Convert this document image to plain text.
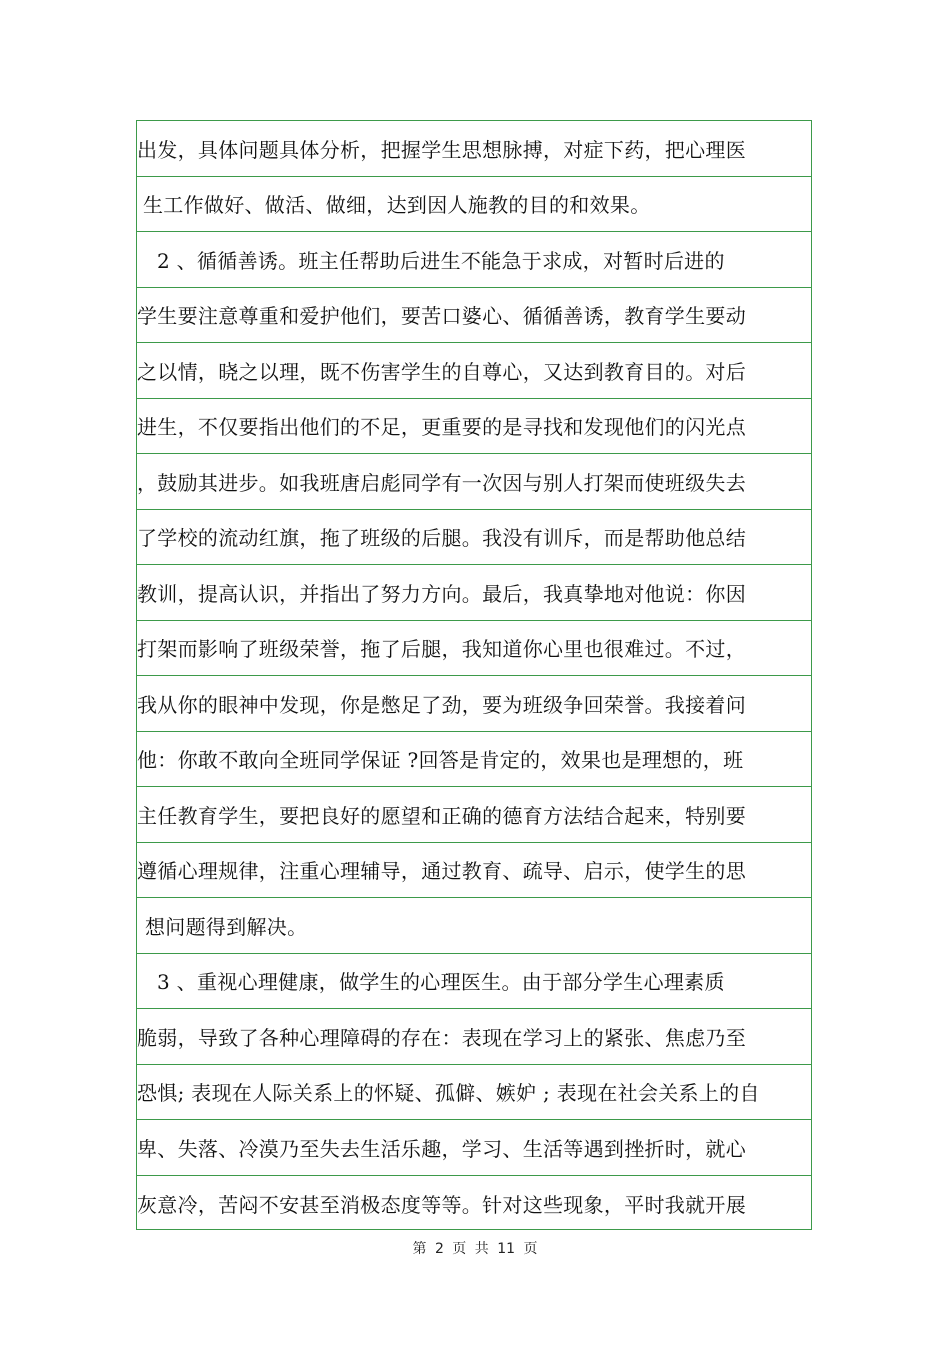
出发，具体问题具体分析，把握学生思想脉搏，对症下药，把心理医
生工作做好、做活、做细，达到因人施教的目的和效果。
2 、循循善诱。班主任帮助后进生不能急于求成，对暂时后进的
学生要注意尊重和爱护他们，要苦口婆心、循循善诱，教育学生要动
之以情，晓之以理，既不伤害学生的自尊心，又达到教育目的。对后
进生，不仅要指出他们的不足，更重要的是寻找和发现他们的闪光点
，鼓励其进步。如我班唐启彪同学有一次因与别人打架而使班级失去
了学校的流动红旗，拖了班级的后腿。我没有训斥，而是帮助他总结
教训，提高认识，并指出了努力方向。最后，我真挚地对他说：你因
打架而影响了班级荣誉，拖了后腿，我知道你心里也很难过。不过，
我从你的眼神中发现，你是憋足了劲，要为班级争回荣誉。我接着问
他：你敢不敢向全班同学保证 ?回答是肯定的，效果也是理想的，班
主任教育学生，要把良好的愿望和正确的德育方法结合起来，特别要
遵循心理规律，注重心理辅导，通过教育、疏导、启示，使学生的思
想问题得到解决。
3 、重视心理健康，做学生的心理医生。由于部分学生心理素质
脆弱，导致了各种心理障碍的存在：表现在学习上的紧张、焦虑乃至
恐惧; 表现在人际关系上的怀疑、孤僻、嫉妒 ; 表现在社会关系上的自
卑、失落、冷漠乃至失去生活乐趣，学习、生活等遇到挫折时，就心
灰意冷，苦闷不安甚至消极态度等等。针对这些现象，平时我就开展
第 2 页 共 11 页
